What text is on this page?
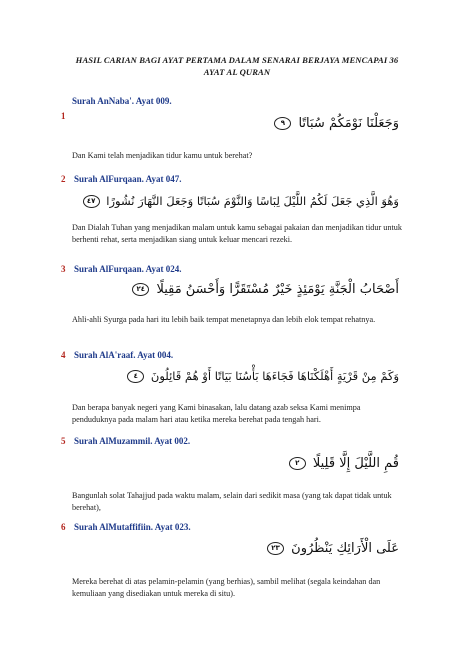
HASIL CARIAN BAGI AYAT PERTAMA DALAM SENARAI BERJAYA MENCAPAI 36
AYAT AL QURAN
Surah AnNaba'. Ayat 009.
1	وَجَعَلْنَا نَوْمَكُمْ سُبَاتًا ٩
Dan Kami telah menjadikan tidur kamu untuk berehat?
2 Surah AlFurqaan. Ayat 047.
وَهُوَ الَّذِي جَعَلَ لَكُمُ اللَّيْلَ لِبَاسًا وَالنَّوْمَ سُبَاتًا وَجَعَلَ النَّهَارَ نُشُورًا ٤٧
Dan Dialah Tuhan yang menjadikan malam untuk kamu sebagai pakaian dan menjadikan tidur untuk berhenti rehat, serta menjadikan siang untuk keluar mencari rezeki.
3 Surah AlFurqaan. Ayat 024.
أَصْحَابُ الْجَنَّةِ يَوْمَئِذٍ خَيْرٌ مُسْتَقَرًّا وَأَحْسَنُ مَقِيلًا ٢٤
Ahli-ahli Syurga pada hari itu lebih baik tempat menetapnya dan lebih elok tempat rehatnya.
4 Surah AlA'raaf. Ayat 004.
وَكَمْ مِنْ قَرْيَةٍ أَهْلَكْنَاهَا فَجَاءَهَا بَأْسُنَا بَيَاتًا أَوْ هُمْ قَائِلُونَ ٤
Dan berapa banyak negeri yang Kami binasakan, lalu datang azab seksa Kami menimpa penduduknya pada malam hari atau ketika mereka berehat pada tengah hari.
5 Surah AlMuzammil. Ayat 002.
قُمِ اللَّيْلَ إِلَّا قَلِيلًا ٢
Bangunlah solat Tahajjud pada waktu malam, selain dari sedikit masa (yang tak dapat tidak untuk berehat),
6 Surah AlMutaffifiin. Ayat 023.
عَلَى الْأَرَائِكِ يَنْظُرُونَ ٢٣
Mereka berehat di atas pelamin-pelamin (yang berhias), sambil melihat (segala keindahan dan kemuliaan yang disediakan untuk mereka di situ).
